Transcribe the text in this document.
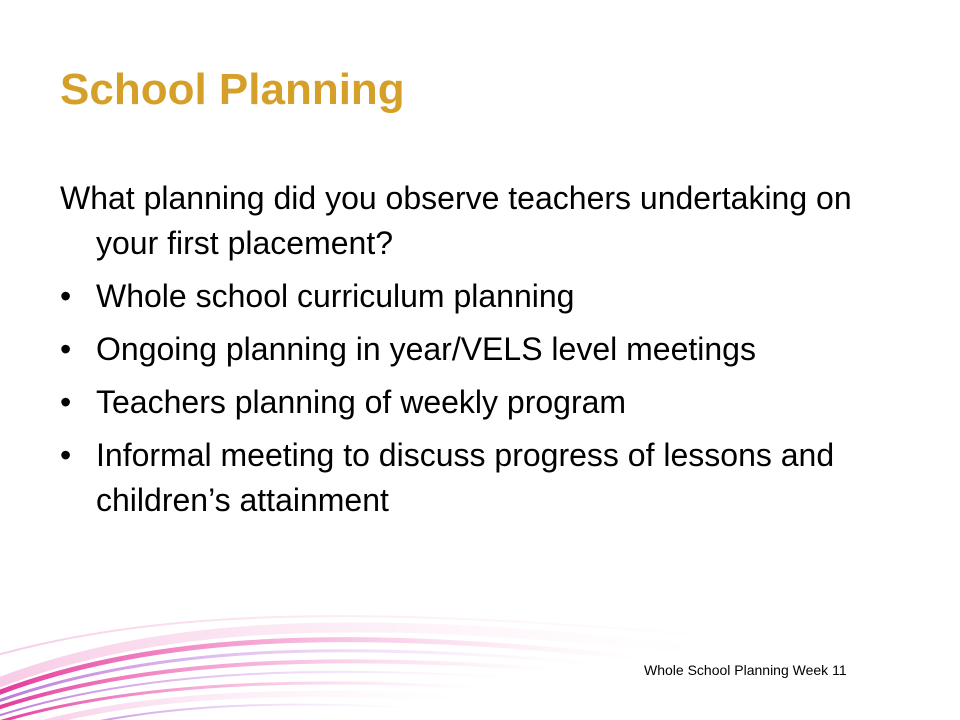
School Planning

What planning did you observe teachers undertaking on your first placement?

• Whole school curriculum planning
• Ongoing planning in year/VELS level meetings
• Teachers planning of weekly program
• Informal meeting to discuss progress of lessons and children’s attainment
Whole School Planning Week 11
